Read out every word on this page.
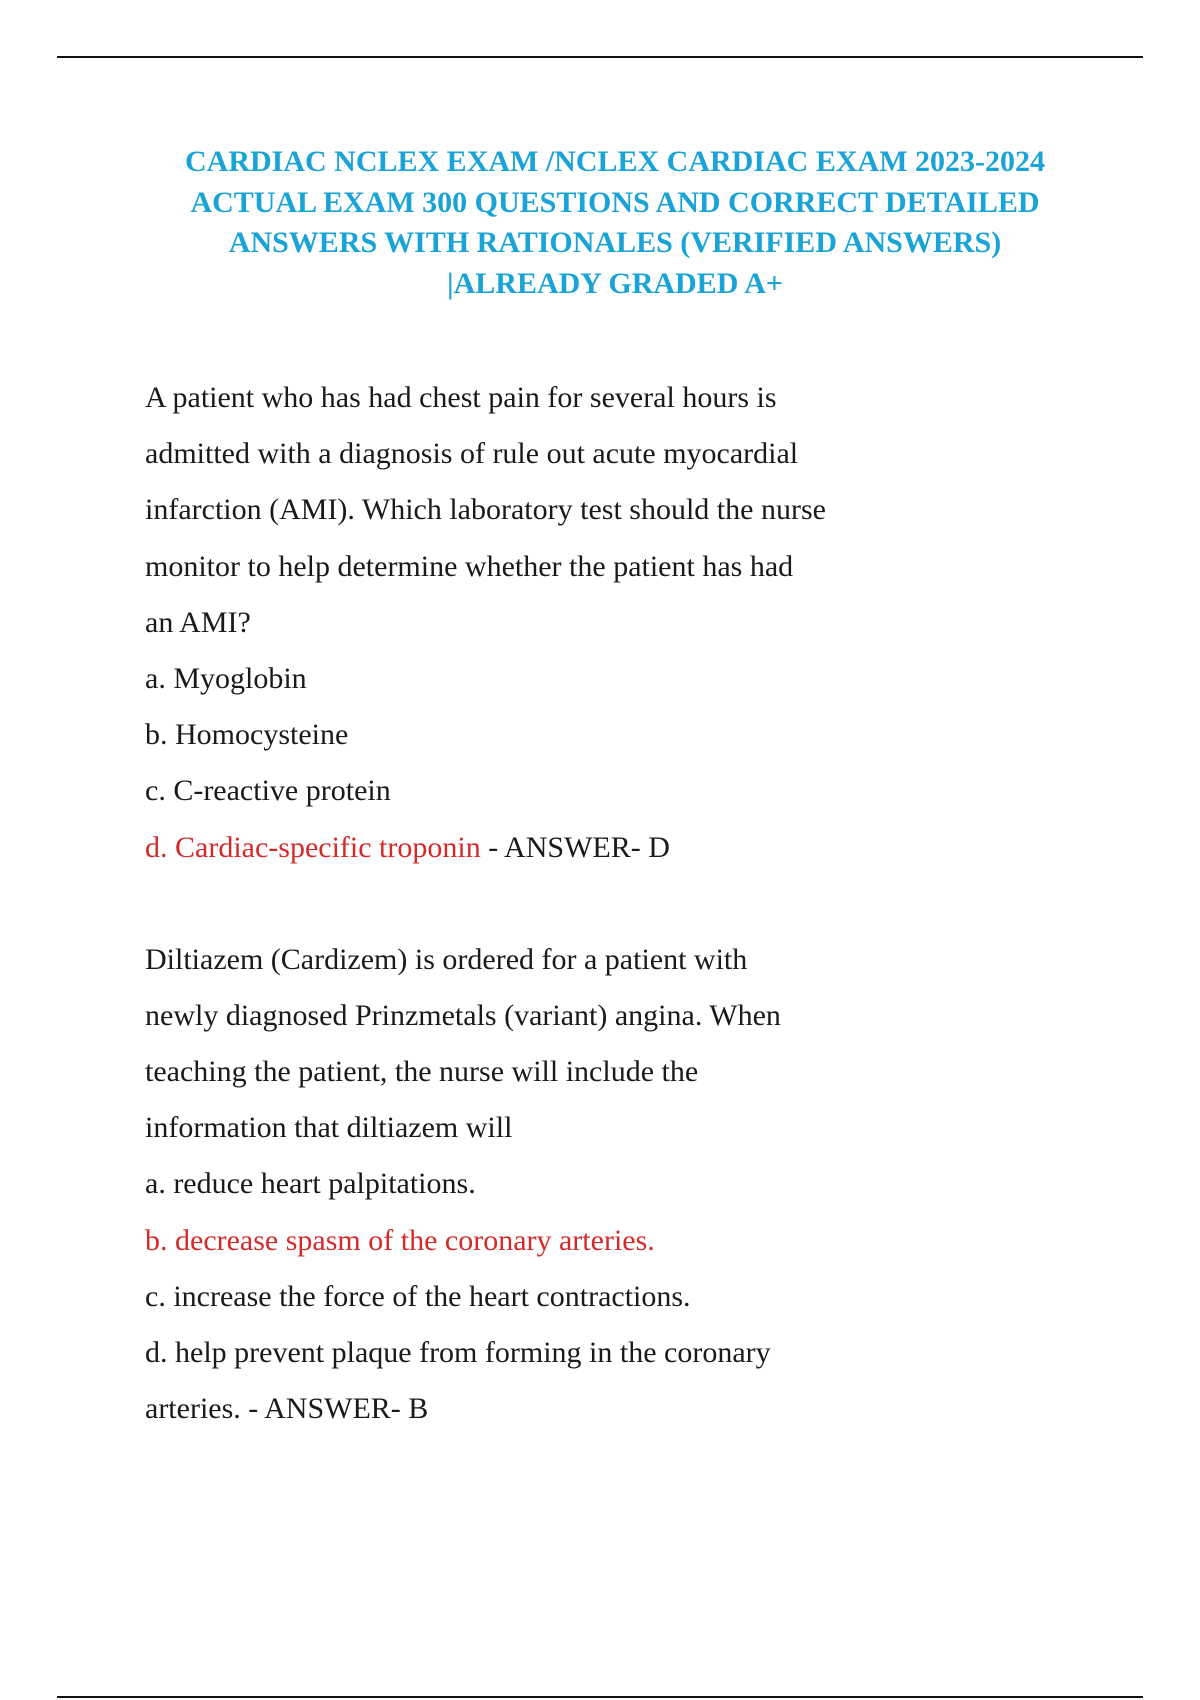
CARDIAC NCLEX EXAM /NCLEX CARDIAC EXAM 2023-2024
ACTUAL EXAM 300 QUESTIONS AND CORRECT DETAILED
ANSWERS WITH RATIONALES (VERIFIED ANSWERS)
|ALREADY GRADED A+
A patient who has had chest pain for several hours is
admitted with a diagnosis of rule out acute myocardial
infarction (AMI). Which laboratory test should the nurse
monitor to help determine whether the patient has had
an AMI?
a. Myoglobin
b. Homocysteine
c. C-reactive protein
d. Cardiac-specific troponin - ANSWER- D
Diltiazem (Cardizem) is ordered for a patient with
newly diagnosed Prinzmetals (variant) angina. When
teaching the patient, the nurse will include the
information that diltiazem will
a. reduce heart palpitations.
b. decrease spasm of the coronary arteries.
c. increase the force of the heart contractions.
d. help prevent plaque from forming in the coronary
arteries. - ANSWER- B
